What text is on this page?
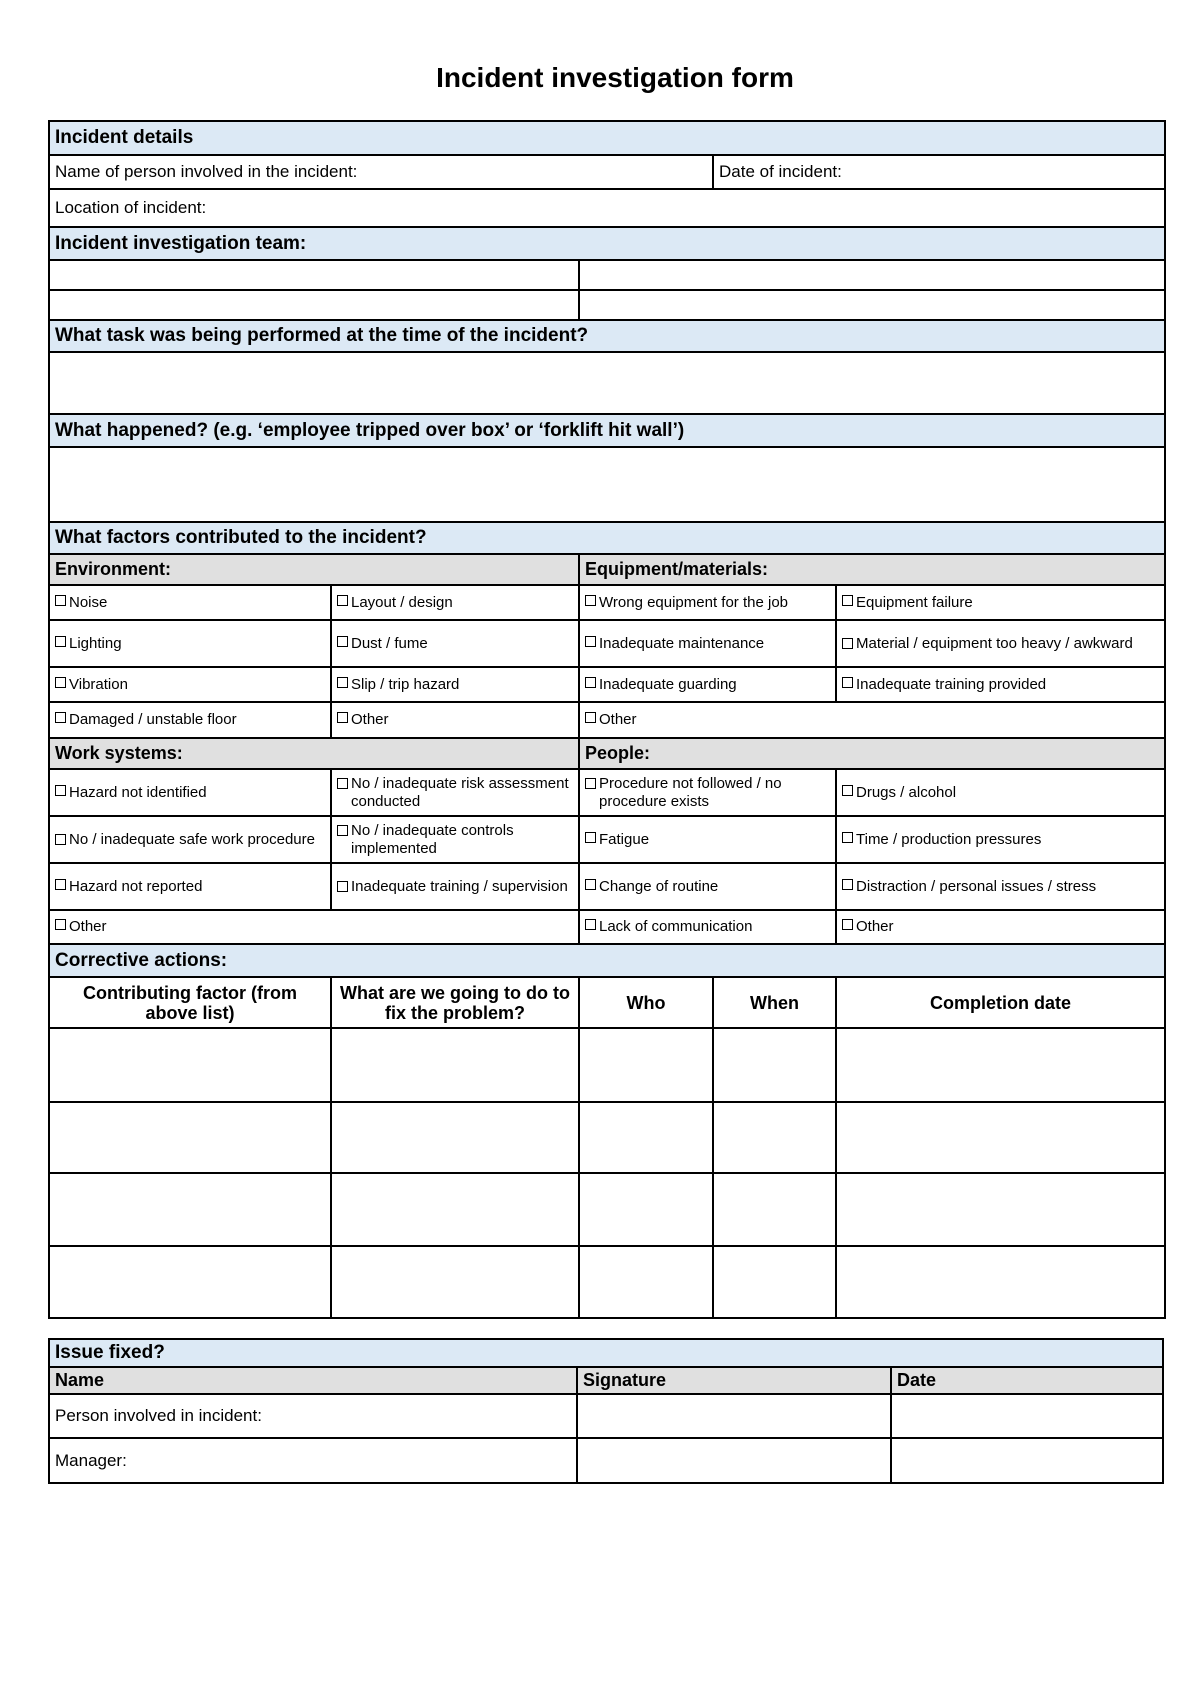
Incident investigation form
Incident details				
Name of person involved in the incident:			Date of incident:	
Location of incident:				
Incident investigation team:				

What task was being performed at the time of the incident?				

What happened? (e.g. ‘employee tripped over box’ or ‘forklift hit wall’)				

What factors contributed to the incident?				
Environment:		Equipment/materials:		
Noise	Layout / design	Wrong equipment for the job		Equipment failure
Lighting	Dust / fume	Inadequate maintenance		Material / equipment too heavy / awkward

Vibration	Slip / trip hazard	Inadequate guarding		Inadequate training provided
Damaged / unstable floor	Other	Other		
Work systems:		People:		
Hazard not identified	No / inadequate risk assessment conducted	Procedure not followed / no procedure exists		Drugs / alcohol

No / inadequate safe work procedure	No / inadequate controls implemented	Fatigue		Time / production pressures
Hazard not reported	Inadequate training / supervision	Change of routine		Distraction / personal issues / stress
Other		Lack of communication		Other
Corrective actions:				

Contributing factor (from above list)	What are we going to do to fix the problem?	Who	When	Completion date

Issue fixed?		
Name	Signature	Date
Person involved in incident:		
Manager:		
